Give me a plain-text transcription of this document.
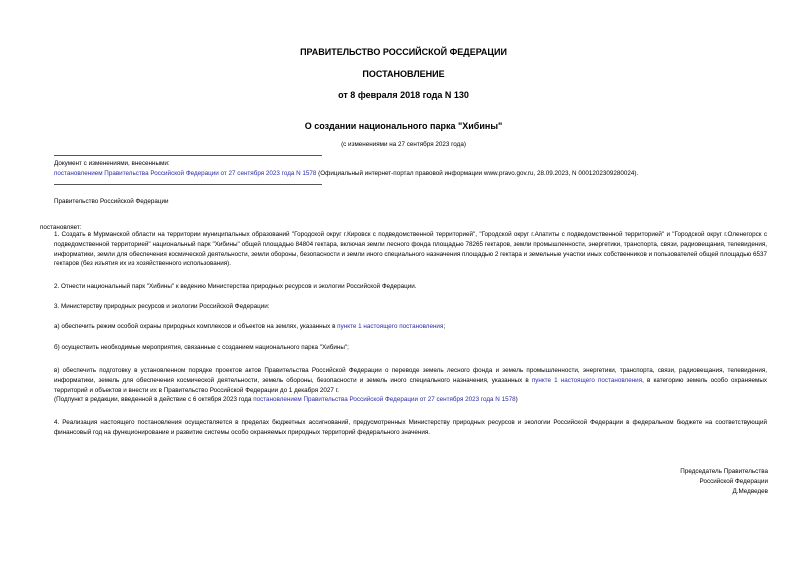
ПРАВИТЕЛЬСТВО РОССИЙСКОЙ ФЕДЕРАЦИИ
ПОСТАНОВЛЕНИЕ
от 8 февраля 2018 года N 130
О создании национального парка "Хибины"
(с изменениями на 27 сентября 2023 года)
Документ с изменениями, внесенными:
постановлением Правительства Российской Федерации от 27 сентября 2023 года N 1578 (Официальный интернет-портал правовой информации www.pravo.gov.ru, 28.09.2023, N 0001202309280024).
Правительство Российской Федерации
постановляет:
1. Создать в Мурманской области на территории муниципальных образований "Городской округ г.Кировск с подведомственной территорией", "Городской округ г.Апатиты с подведомственной территорией" и "Городской округ г.Оленегорск с подведомственной территорией" национальный парк "Хибины" общей площадью 84804 гектара, включая земли лесного фонда площадью 78265 гектаров, земли промышленности, энергетики, транспорта, связи, радиовещания, телевидения, информатики, земли для обеспечения космической деятельности, земли обороны, безопасности и земли иного специального назначения площадью 2 гектара и земельные участки иных собственников и пользователей общей площадью 6537 гектаров (без изъятия их из хозяйственного использования).
2. Отнести национальный парк "Хибины" к ведению Министерства природных ресурсов и экологии Российской Федерации.
3. Министерству природных ресурсов и экологии Российской Федерации:
а) обеспечить режим особой охраны природных комплексов и объектов на землях, указанных в пункте 1 настоящего постановления;
б) осуществить необходимые мероприятия, связанные с созданием национального парка "Хибины";
в) обеспечить подготовку в установленном порядке проектов актов Правительства Российской Федерации о переводе земель лесного фонда и земель промышленности, энергетики, транспорта, связи, радиовещания, телевидения, информатики, земель для обеспечения космической деятельности, земель обороны, безопасности и земель иного специального назначения, указанных в пункте 1 настоящего постановления, в категорию земель особо охраняемых территорий и объектов и внести их в Правительство Российской Федерации до 1 декабря 2027 г.
(Подпункт в редакции, введенной в действие с 6 октября 2023 года постановлением Правительства Российской Федерации от 27 сентября 2023 года N 1578)
4. Реализация настоящего постановления осуществляется в пределах бюджетных ассигнований, предусмотренных Министерству природных ресурсов и экологии Российской Федерации в федеральном бюджете на соответствующий финансовый год на функционирование и развитие системы особо охраняемых природных территорий федерального значения.
Председатель Правительства
Российской Федерации
Д.Медведев
